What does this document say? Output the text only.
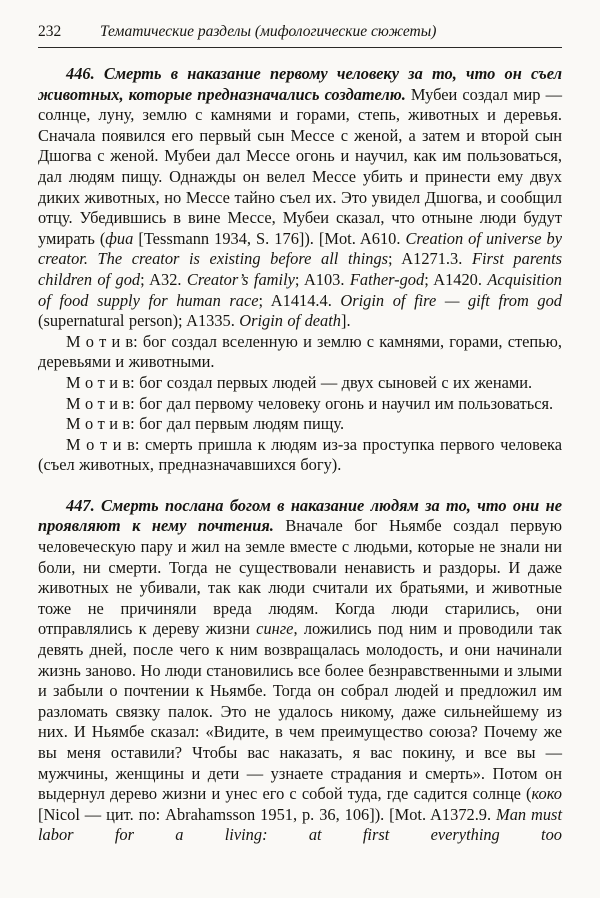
232	Тематические разделы (мифологические сюжеты)

446. Смерть в наказание первому человеку за то, что он съел животных, которые предназначались создателю. Мубеи создал мир — солнце, луну, землю с камнями и горами, степь, животных и деревья. Сначала появился его первый сын Мессе с женой, а затем и второй сын Дшогва с женой. Мубеи дал Мессе огонь и научил, как им пользоваться, дал людям пищу. Однажды он велел Мессе убить и принести ему двух диких животных, но Мессе тайно съел их. Это увидел Дшогва, и сообщил отцу. Убедившись в вине Мессе, Мубеи сказал, что отныне люди будут умирать (фиа [Tessmann 1934, S. 176]). [Mot. A610. Creation of universe by creator. The creator is existing before all things; A1271.3. First parents children of god; A32. Creator’s family; A103. Father-god; A1420. Acquisition of food supply for human race; A1414.4. Origin of fire — gift from god (supernatural person); A1335. Origin of death].

М о т и в: бог создал вселенную и землю с камнями, горами, степью, деревьями и животными.

М о т и в: бог создал первых людей — двух сыновей с их женами.

М о т и в: бог дал первому человеку огонь и научил им пользоваться.

М о т и в: бог дал первым людям пищу.

М о т и в: смерть пришла к людям из-за проступка первого человека (съел животных, предназначавшихся богу).

447. Смерть послана богом в наказание людям за то, что они не проявляют к нему почтения. Вначале бог Ньямбе создал первую человеческую пару и жил на земле вместе с людьми, которые не знали ни боли, ни смерти. Тогда не существовали ненависть и раздоры. И даже животных не убивали, так как люди считали их братьями, и животные тоже не причиняли вреда людям. Когда люди старились, они отправлялись к дереву жизни синге, ложились под ним и проводили так девять дней, после чего к ним возвращалась молодость, и они начинали жизнь заново. Но люди становились все более безнравственными и злыми и забыли о почтении к Ньямбе. Тогда он собрал людей и предложил им разломать связку палок. Это не удалось никому, даже сильнейшему из них. И Ньямбе сказал: «Видите, в чем преимущество союза? Почему же вы меня оставили? Чтобы вас наказать, я вас покину, и все вы — мужчины, женщины и дети — узнаете страдания и смерть». Потом он выдернул дерево жизни и унес его с собой туда, где садится солнце (коко [Nicol — цит. по: Abrahamsson 1951, p. 36, 106]). [Mot. A1372.9. Man must labor for a living: at first everything too
